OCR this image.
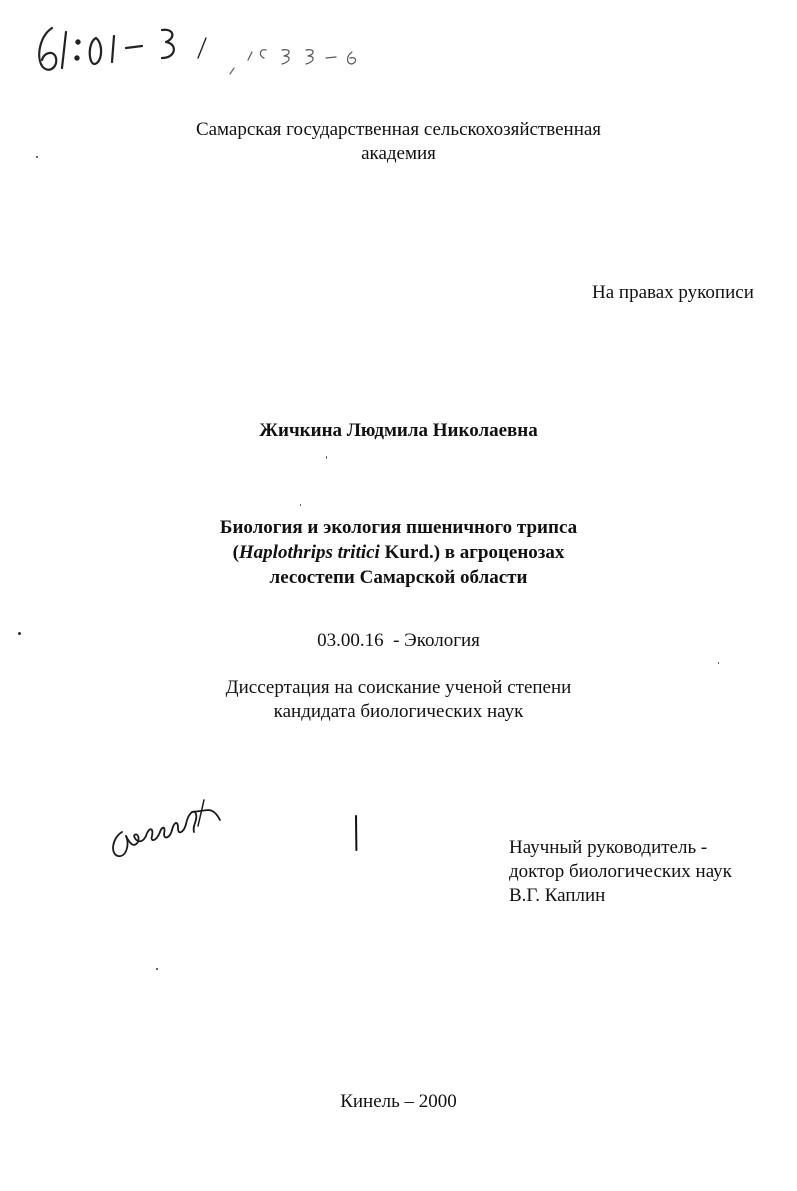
Самарская государственная сельскохозяйственная
академия
На правах рукописи
Жичкина Людмила Николаевна
Биология и экология пшеничного трипса
(Haplothrips tritici Kurd.) в агроценозах
лесостепи Самарской области
03.00.16  - Экология
Диссертация на соискание ученой степени
кандидата биологических наук
Научный руководитель -
доктор биологических наук
В.Г. Каплин
Кинель – 2000
